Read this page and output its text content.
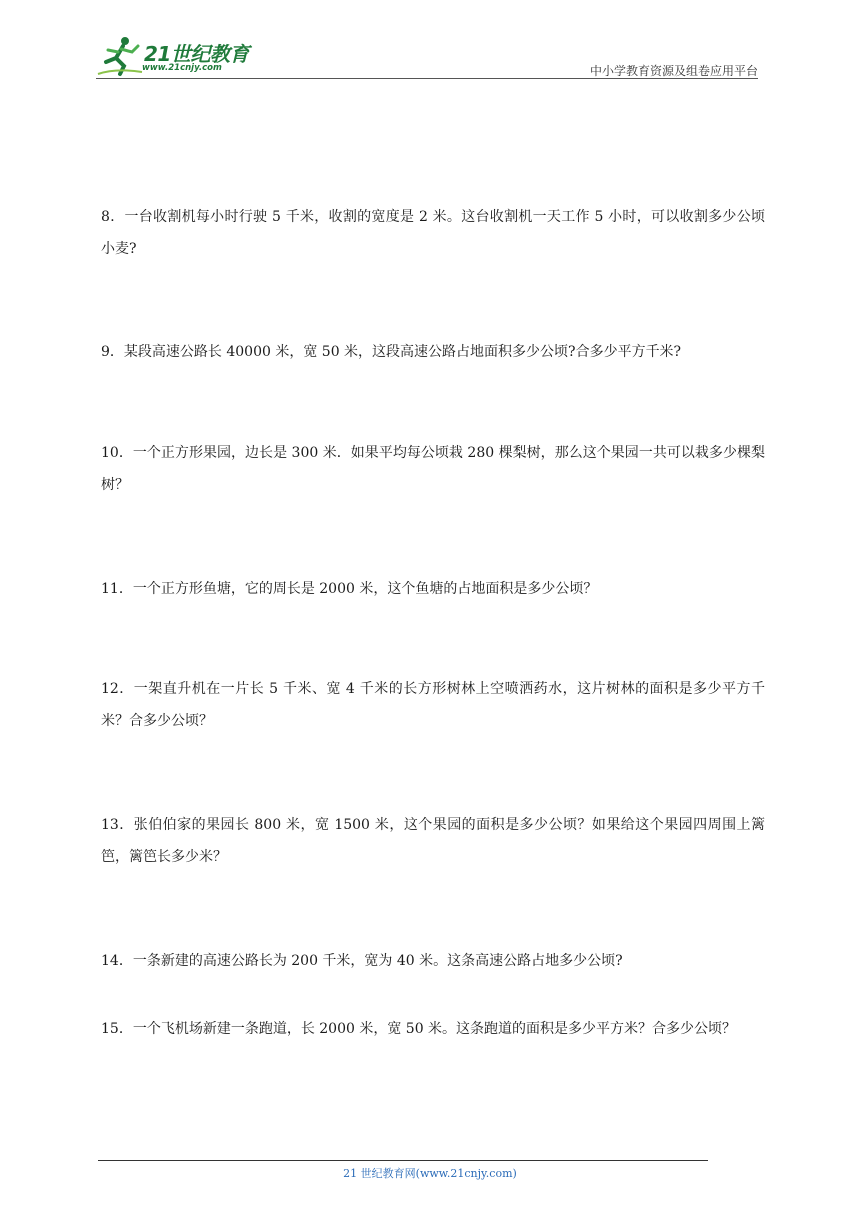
21世纪教育
www.21cnjy.com	中小学教育资源及组卷应用平台

8．一台收割机每小时行驶 5 千米，收割的宽度是 2 米。这台收割机一天工作 5 小时，可以收割多少公顷小麦?

9．某段高速公路长 40000 米，宽 50 米，这段高速公路占地面积多少公顷?合多少平方千米?

10．一个正方形果园，边长是 300 米．如果平均每公顷栽 280 棵梨树，那么这个果园一共可以栽多少棵梨树？

11．一个正方形鱼塘，它的周长是 2000 米，这个鱼塘的占地面积是多少公顷？

12．一架直升机在一片长 5 千米、宽 4 千米的长方形树林上空喷洒药水，这片树林的面积是多少平方千米？合多少公顷？

13．张伯伯家的果园长 800 米，宽 1500 米，这个果园的面积是多少公顷？如果给这个果园四周围上篱笆，篱笆长多少米？

14．一条新建的高速公路长为 200 千米，宽为 40 米。这条高速公路占地多少公顷?

15．一个飞机场新建一条跑道，长 2000 米，宽 50 米。这条跑道的面积是多少平方米？合多少公顷？

21 世纪教育网(www.21cnjy.com)
